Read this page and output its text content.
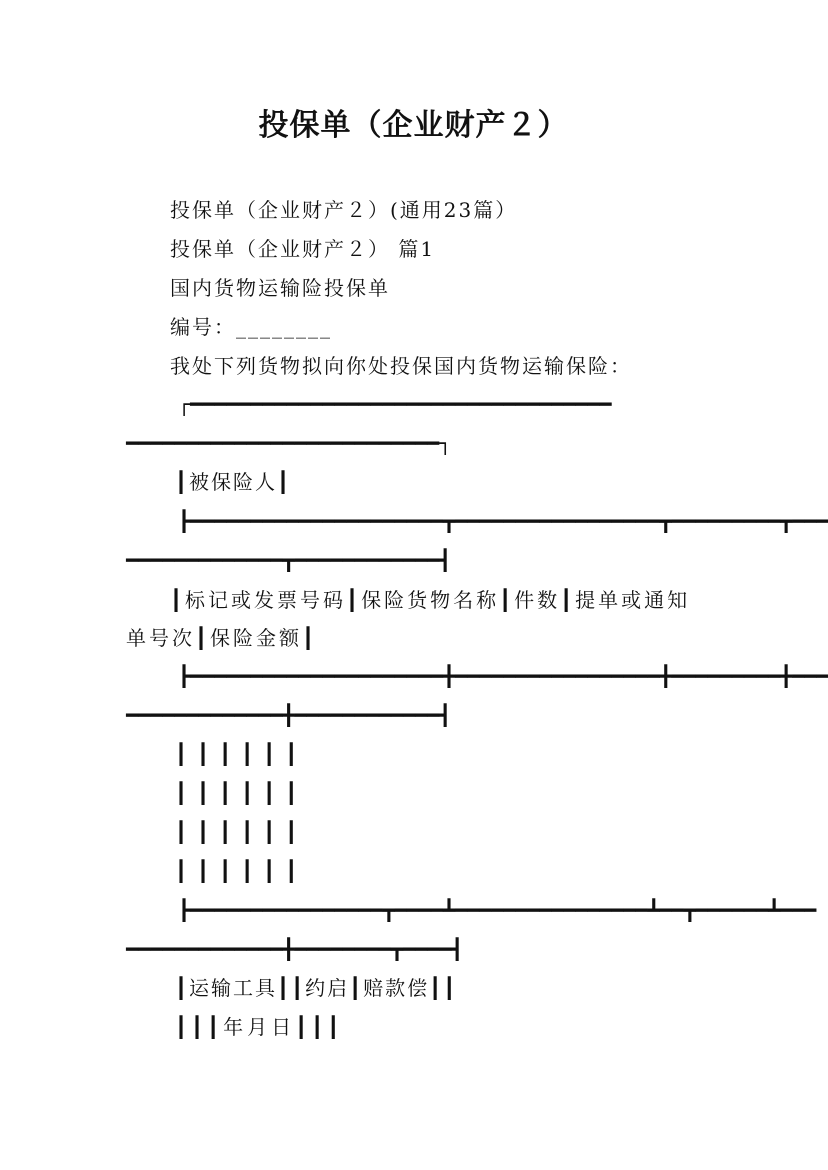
投保单（企业财产２）
投保单（企业财产２）(通用23篇）
投保单（企业财产２） 篇1
国内货物运输险投保单
编号：________
我处下列货物拟向你处投保国内货物运输保险：
┌━━━━━━━━━━━━━━━━━━━━━━━━━━━━━━━━━━━
━━━━━━━━━━━━━━━━━━━━━━━━━━┐
┃被保险人┃
┣━━━━━━━━━━━━━━━━━━━━━┳━━━━━━━━━━━━━━━━━┳━━━━━━━━━┳━━━
━━━━━━━━━━━━━┳━━━━━━━━━━━━┫
┃标记或发票号码┃保险货物名称┃件数┃提单或通知单号次┃保险金额┃
┣━━━━━━━━━━━━━━━━━━━━━╋━━━━━━━━━━━━━━━━━╋━━━━━━━━━╋━━━
━━━━━━━━━━━━━╋━━━━━━━━━━━━┫
┃┃┃┃┃┃
┃┃┃┃┃┃
┃┃┃┃┃┃
┃┃┃┃┃┃
┣━━━━━━━━━━━━━━━━┳━━━━┻━━━━━━━━━━━━━━━━┻━━┳━━━━━━┻━━━
━━━━━━━━━━━━━╋━━━━━━━━┳━━━━┫
┃运输工具┃┃约启┃赔款偿┃┃
┃┃┃年月日┃┃┃
